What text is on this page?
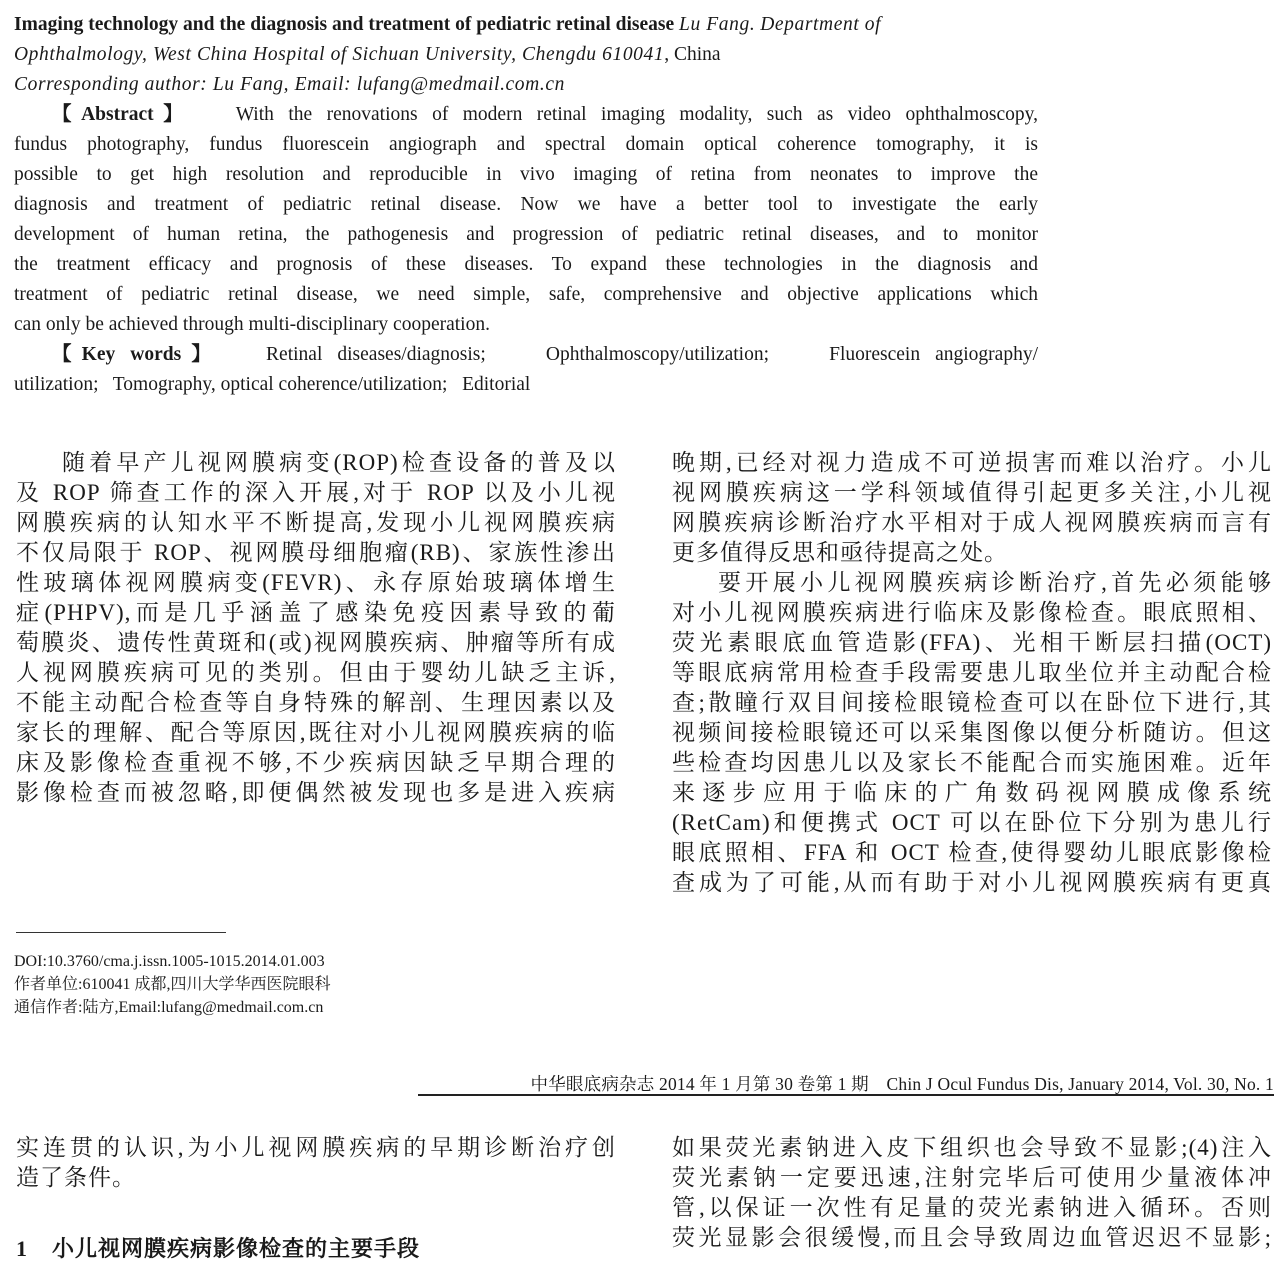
Imaging technology and the diagnosis and treatment of pediatric retinal disease Lu Fang. Department of
Ophthalmology, West China Hospital of Sichuan University, Chengdu 610041, China
Corresponding author: Lu Fang, Email: lufang@medmail.com.cn
【Abstract】 With the renovations of modern retinal imaging modality, such as video ophthalmoscopy,
fundus photography, fundus fluorescein angiograph and spectral domain optical coherence tomography, it is
possible to get high resolution and reproducible in vivo imaging of retina from neonates to improve the
diagnosis and treatment of pediatric retinal disease. Now we have a better tool to investigate the early
development of human retina, the pathogenesis and progression of pediatric retinal diseases, and to monitor
the treatment efficacy and prognosis of these diseases. To expand these technologies in the diagnosis and
treatment of pediatric retinal disease, we need simple, safe, comprehensive and objective applications which
can only be achieved through multi-disciplinary cooperation.
【Key words】 Retinal diseases/diagnosis;    Ophthalmoscopy/utilization;    Fluorescein angiography/
utilization;   Tomography, optical coherence/utilization;   Editorial
随着早产儿视网膜病变(ROP)检查设备的普及以
及 ROP 筛查工作的深入开展,对于 ROP 以及小儿视
网膜疾病的认知水平不断提高,发现小儿视网膜疾病
不仅局限于 ROP、视网膜母细胞瘤(RB)、家族性渗出
性玻璃体视网膜病变(FEVR)、永存原始玻璃体增生
症(PHPV),而是几乎涵盖了感染免疫因素导致的葡
萄膜炎、遗传性黄斑和(或)视网膜疾病、肿瘤等所有成
人视网膜疾病可见的类别。但由于婴幼儿缺乏主诉,
不能主动配合检查等自身特殊的解剖、生理因素以及
家长的理解、配合等原因,既往对小儿视网膜疾病的临
床及影像检查重视不够,不少疾病因缺乏早期合理的
影像检查而被忽略,即便偶然被发现也多是进入疾病
晚期,已经对视力造成不可逆损害而难以治疗。小儿
视网膜疾病这一学科领域值得引起更多关注,小儿视
网膜疾病诊断治疗水平相对于成人视网膜疾病而言有
更多值得反思和亟待提高之处。
要开展小儿视网膜疾病诊断治疗,首先必须能够
对小儿视网膜疾病进行临床及影像检查。眼底照相、
荧光素眼底血管造影(FFA)、光相干断层扫描(OCT)
等眼底病常用检查手段需要患儿取坐位并主动配合检
查;散瞳行双目间接检眼镜检查可以在卧位下进行,其
视频间接检眼镜还可以采集图像以便分析随访。但这
些检查均因患儿以及家长不能配合而实施困难。近年
来逐步应用于临床的广角数码视网膜成像系统
(RetCam)和便携式 OCT 可以在卧位下分别为患儿行
眼底照相、FFA 和 OCT 检查,使得婴幼儿眼底影像检
查成为了可能,从而有助于对小儿视网膜疾病有更真
DOI:10.3760/cma.j.issn.1005-1015.2014.01.003
作者单位:610041 成都,四川大学华西医院眼科
通信作者:陆方,Email:lufang@medmail.com.cn
中华眼底病杂志 2014 年 1 月第 30 卷第 1 期　Chin J Ocul Fundus Dis, January 2014, Vol. 30, No. 1
实连贯的认识,为小儿视网膜疾病的早期诊断治疗创
造了条件。
1 小儿视网膜疾病影像检查的主要手段
如果荧光素钠进入皮下组织也会导致不显影;(4)注入
荧光素钠一定要迅速,注射完毕后可使用少量液体冲
管,以保证一次性有足量的荧光素钠进入循环。否则
荧光显影会很缓慢,而且会导致周边血管迟迟不显影;
